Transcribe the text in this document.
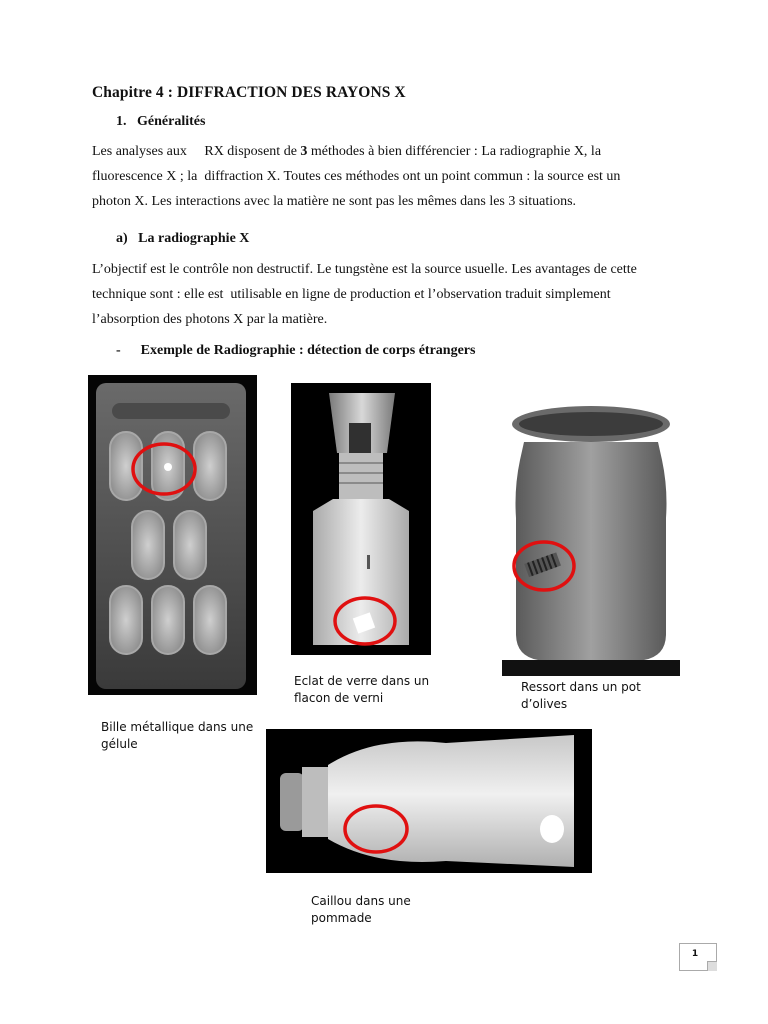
Chapitre 4 : DIFFRACTION DES RAYONS X
1. Généralités
Les analyses aux     RX disposent de 3 méthodes à bien différencier : La radiographie X, la
fluorescence X ; la  diffraction X. Toutes ces méthodes ont un point commun : la source est un
photon X. Les interactions avec la matière ne sont pas les mêmes dans les 3 situations.
a) La radiographie X
L’objectif est le contrôle non destructif. Le tungstène est la source usuelle. Les avantages de cette
technique sont : elle est  utilisable en ligne de production et l’observation traduit simplement
l’absorption des photons X par la matière.
- Exemple de Radiographie : détection de corps étrangers
Bille métallique dans une
gélule
Eclat de verre dans un
flacon de verni
Ressort dans un pot
d’olives
Caillou dans une
pommade
1
